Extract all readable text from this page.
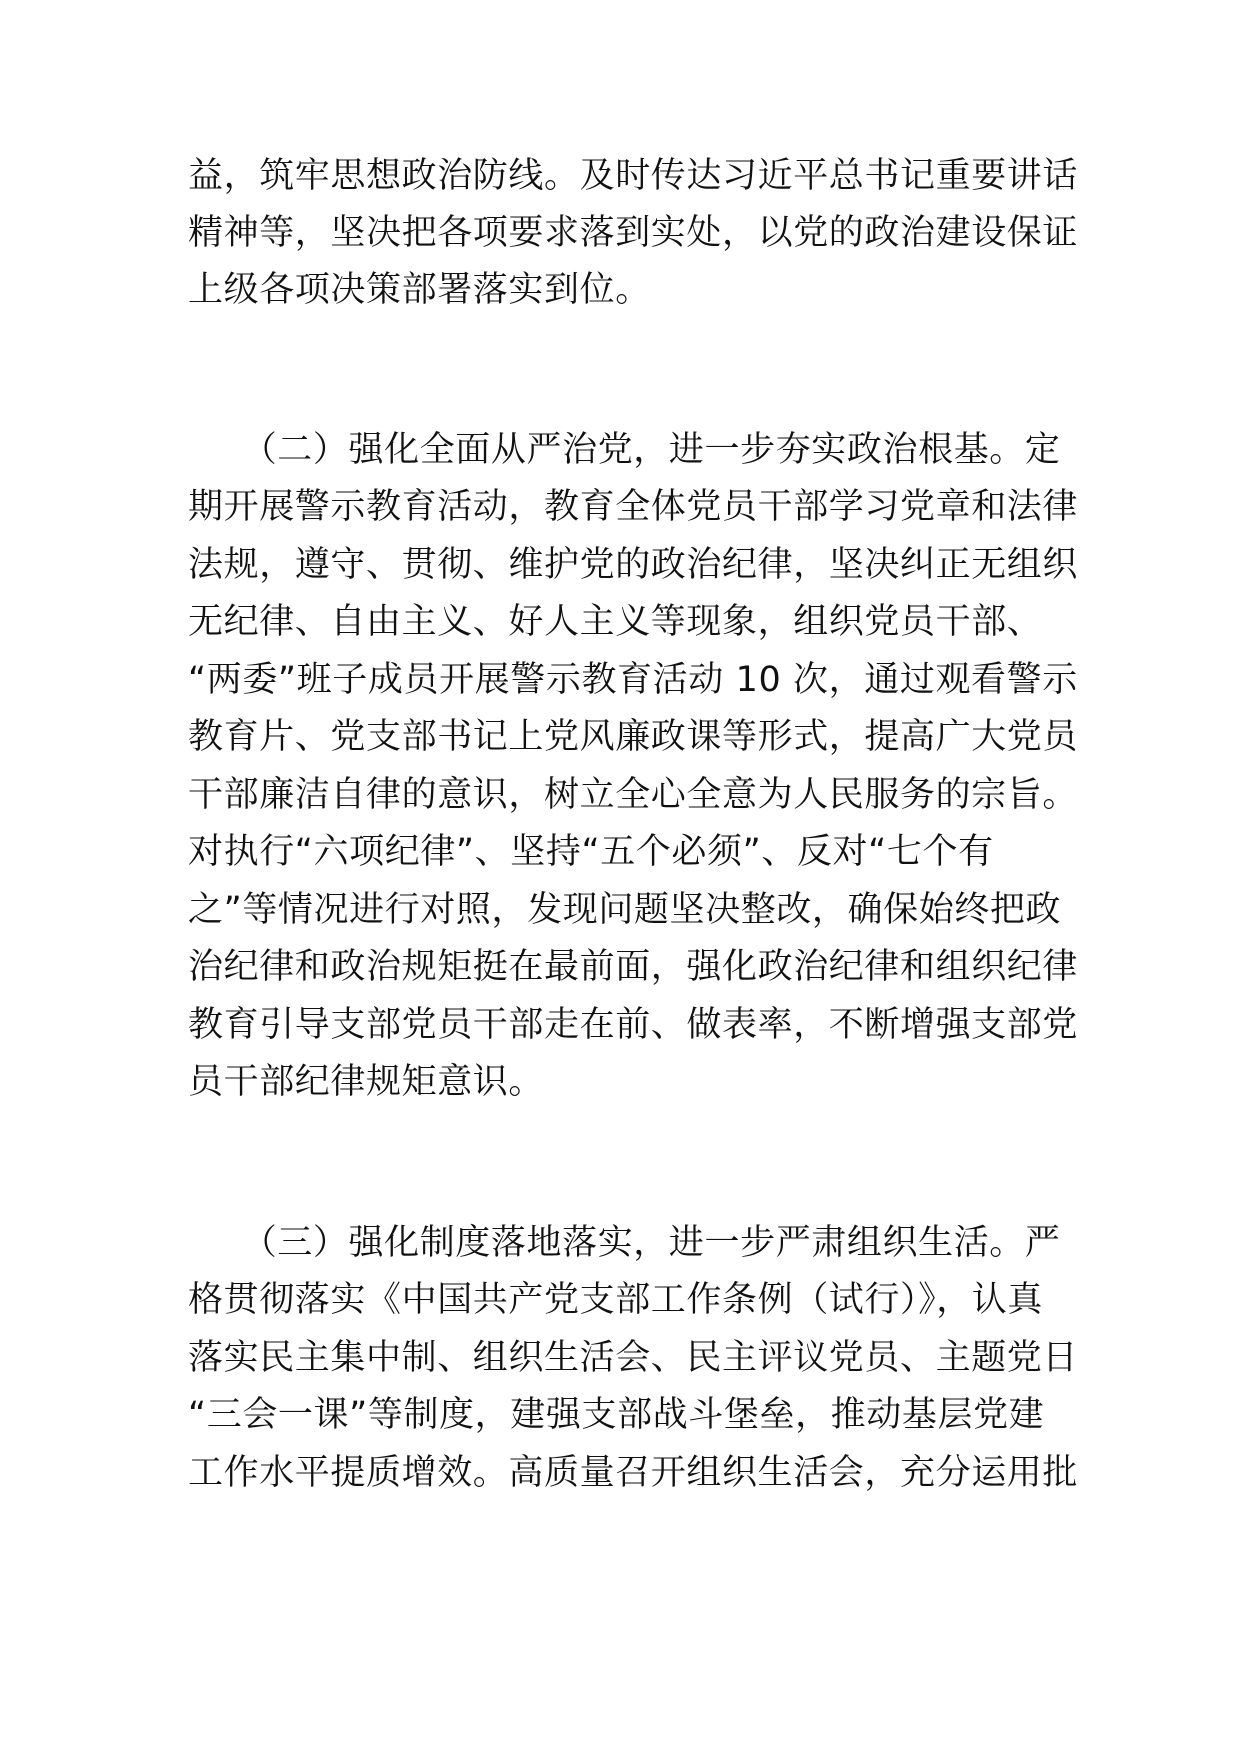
益，筑牢思想政治防线。及时传达习近平总书记重要讲话
精神等，坚决把各项要求落到实处，以党的政治建设保证
上级各项决策部署落实到位。
　　（二）强化全面从严治党，进一步夯实政治根基。定
期开展警示教育活动，教育全体党员干部学习党章和法律
法规，遵守、贯彻、维护党的政治纪律，坚决纠正无组织
无纪律、自由主义、好人主义等现象，组织党员干部、
“两委”班子成员开展警示教育活动 10 次，通过观看警示
教育片、党支部书记上党风廉政课等形式，提高广大党员
干部廉洁自律的意识，树立全心全意为人民服务的宗旨。
对执行“六项纪律”、坚持“五个必须”、反对“七个有
之”等情况进行对照，发现问题坚决整改，确保始终把政
治纪律和政治规矩挺在最前面，强化政治纪律和组织纪律
教育引导支部党员干部走在前、做表率，不断增强支部党
员干部纪律规矩意识。
　　（三）强化制度落地落实，进一步严肃组织生活。严
格贯彻落实《中国共产党支部工作条例（试行）》，认真
落实民主集中制、组织生活会、民主评议党员、主题党日
“三会一课”等制度，建强支部战斗堡垒，推动基层党建
工作水平提质增效。高质量召开组织生活会，充分运用批
